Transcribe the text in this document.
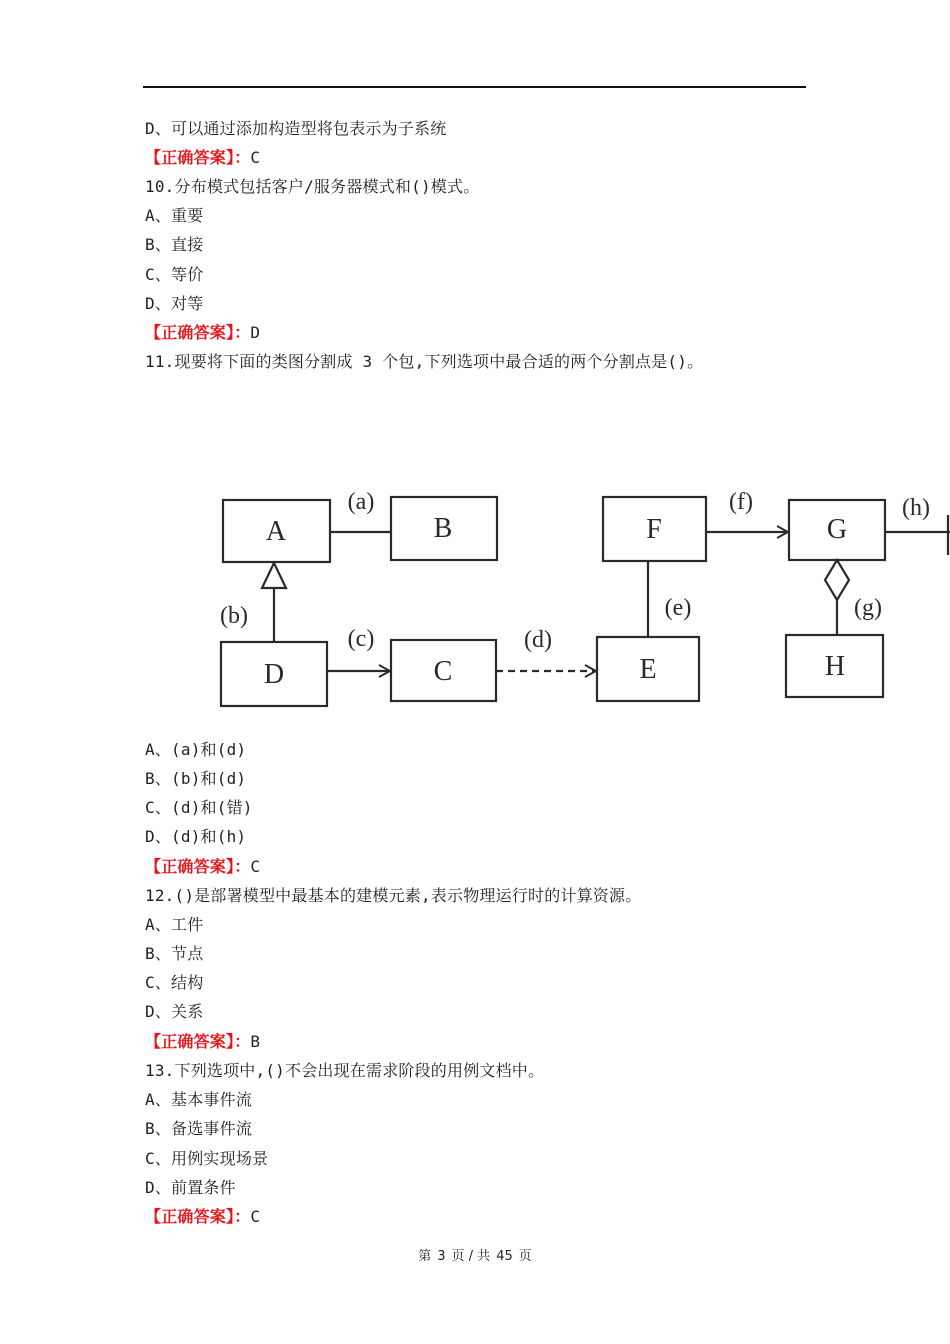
D、可以通过添加构造型将包表示为子系统
【正确答案】：C
10.分布模式包括客户/服务器模式和()模式。
A、重要
B、直接
C、等价
D、对等
【正确答案】：D
11.现要将下面的类图分割成 3 个包,下列选项中最合适的两个分割点是()。
A、(a)和(d)
B、(b)和(d)
C、(d)和(错)
D、(d)和(h)
【正确答案】：C
12.()是部署模型中最基本的建模元素,表示物理运行时的计算资源。
A、工件
B、节点
C、结构
D、关系
【正确答案】：B
13.下列选项中,()不会出现在需求阶段的用例文档中。
A、基本事件流
B、备选事件流
C、用例实现场景
D、前置条件
【正确答案】：C
A	B
C
D	E
F	G
H
(a)
(b)
(c)	(d)
(e)
(f)
(g)
(h)
第 3 页 / 共 45 页
